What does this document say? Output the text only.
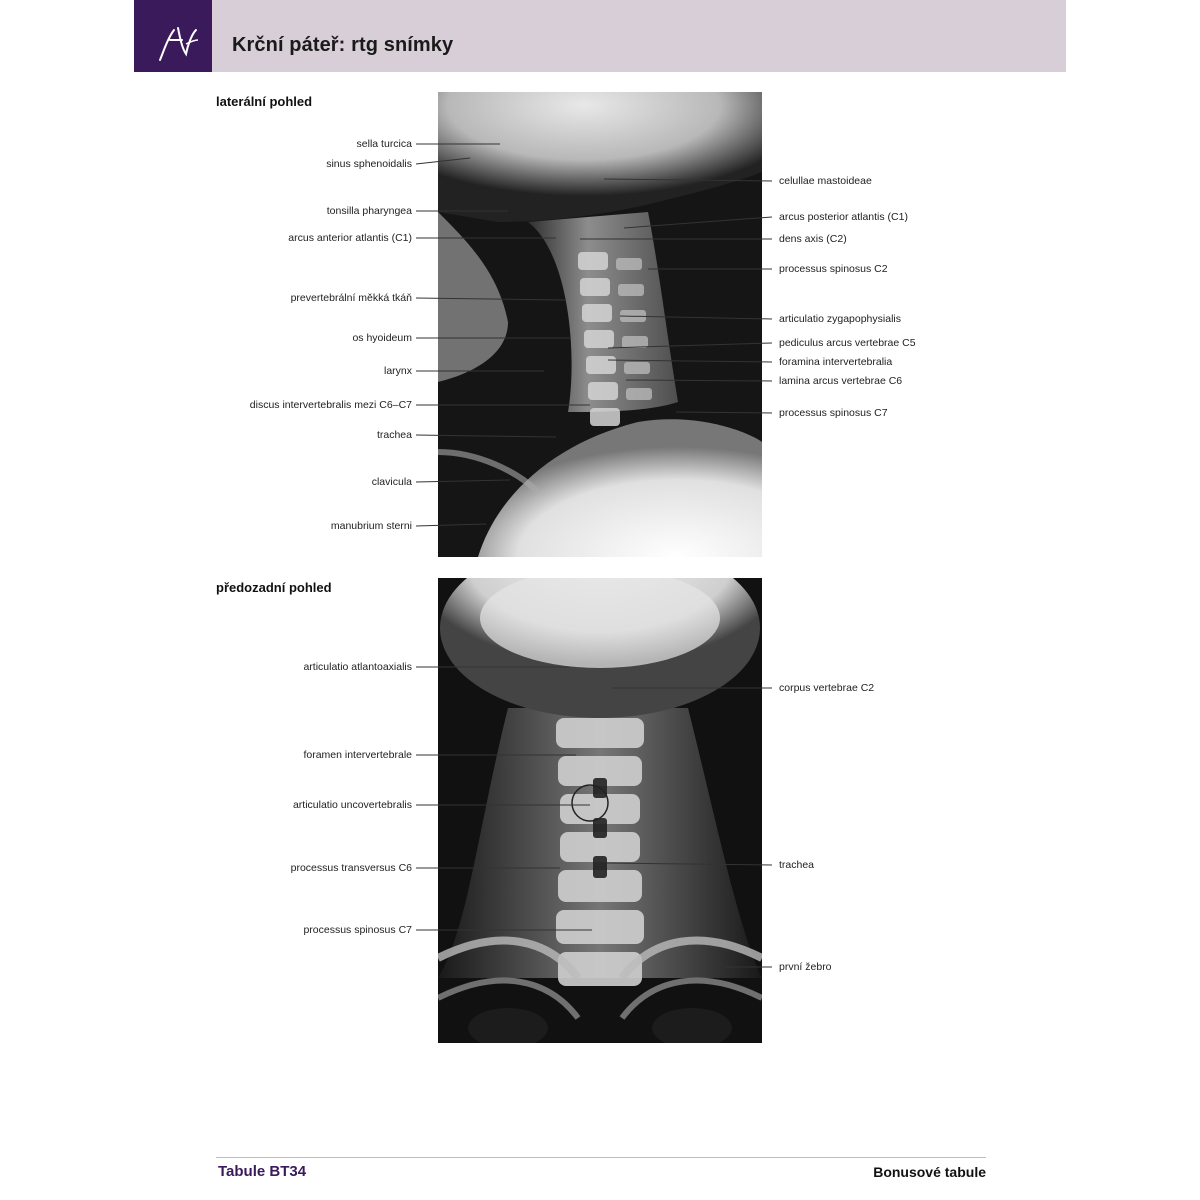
Krční páteř: rtg snímky
laterální pohled
předozadní pohled
sella turcica
sinus sphenoidalis
tonsilla pharyngea
arcus anterior atlantis (C1)
prevertebrální měkká tkáň
os hyoideum
larynx
discus intervertebralis mezi C6–C7
trachea
clavicula
manubrium sterni
celullae mastoideae
arcus posterior atlantis (C1)
dens axis (C2)
processus spinosus C2
articulatio zygapophysialis
pediculus arcus vertebrae C5
foramina intervertebralia
lamina arcus vertebrae C6
processus spinosus C7
articulatio atlantoaxialis
foramen intervertebrale
articulatio uncovertebralis
processus transversus C6
processus spinosus C7
corpus vertebrae C2
trachea
první žebro
Tabule BT34	Bonusové tabule
